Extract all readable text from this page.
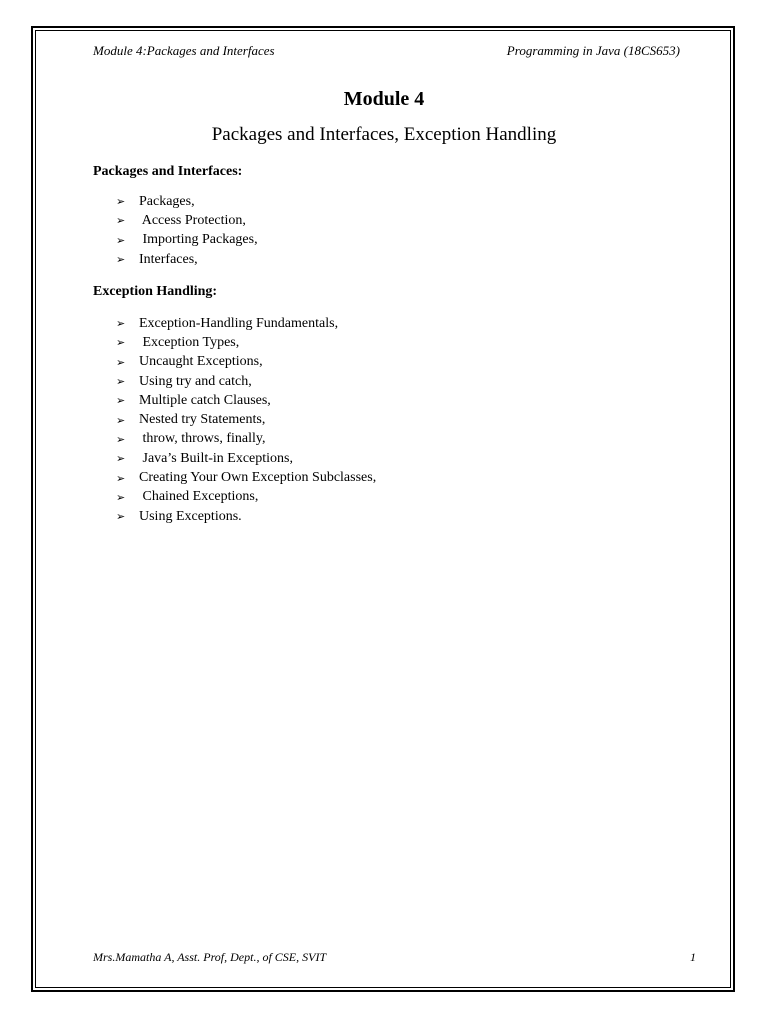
Module 4:Packages and Interfaces	Programming in Java (18CS653)
Module 4
Packages and Interfaces, Exception Handling
Packages and Interfaces:
➢ Packages,
➢ Access Protection,
➢ Importing Packages,
➢ Interfaces,
Exception Handling:
➢ Exception-Handling Fundamentals,
➢ Exception Types,
➢ Uncaught Exceptions,
➢ Using try and catch,
➢ Multiple catch Clauses,
➢ Nested try Statements,
➢ throw, throws, finally,
➢ Java’s Built-in Exceptions,
➢ Creating Your Own Exception Subclasses,
➢ Chained Exceptions,
➢ Using Exceptions.
Mrs.Mamatha A, Asst. Prof, Dept., of CSE, SVIT	1
